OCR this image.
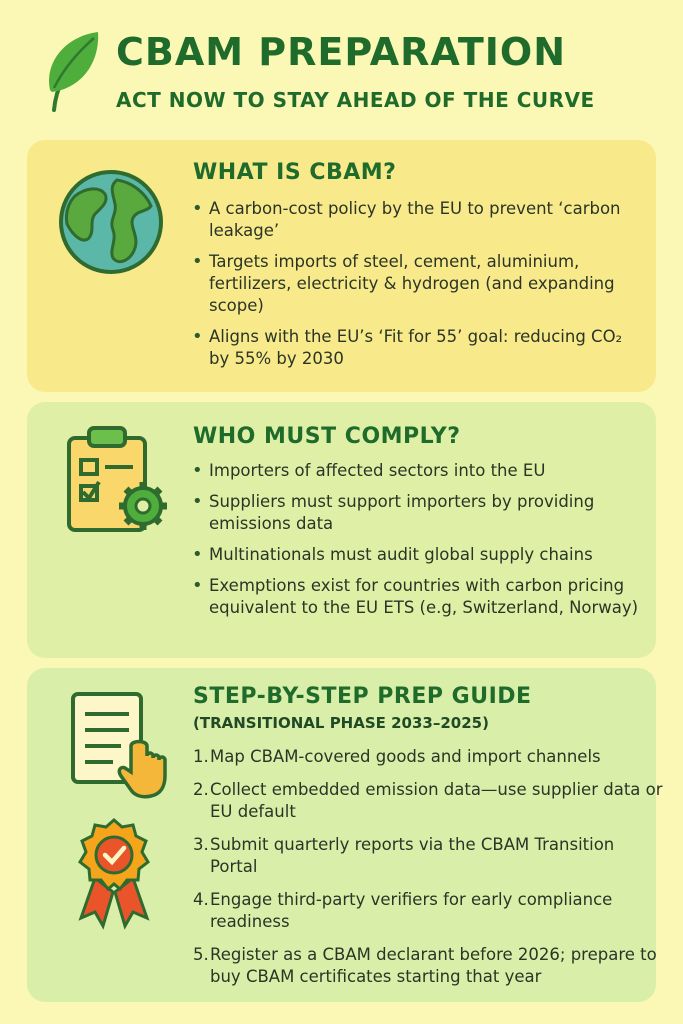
CBAM PREPARATION
ACT NOW TO STAY AHEAD OF THE CURVE
WHAT IS CBAM?
• A carbon-cost policy by the EU to prevent ‘carbon leakage’
• Targets imports of steel, cement, aluminium, fertilizers, electricity & hydrogen (and expanding scope)
• Aligns with the EU’s ‘Fit for 55’ goal: reducing CO₂ by 55% by 2030
WHO MUST COMPLY?
• Importers of affected sectors into the EU
• Suppliers must support importers by providing emissions data
• Multinationals must audit global supply chains
• Exemptions exist for countries with carbon pricing equivalent to the EU ETS (e.g, Switzerland, Norway)
STEP-BY-STEP PREP GUIDE
(TRANSITIONAL PHASE 2033–2025)
1. Map CBAM-covered goods and import channels
2. Collect embedded emission data—use supplier data or EU default
3. Submit quarterly reports via the CBAM Transition Portal
4. Engage third-party verifiers for early compliance readiness
5. Register as a CBAM declarant before 2026; prepare to buy CBAM certificates starting that year
